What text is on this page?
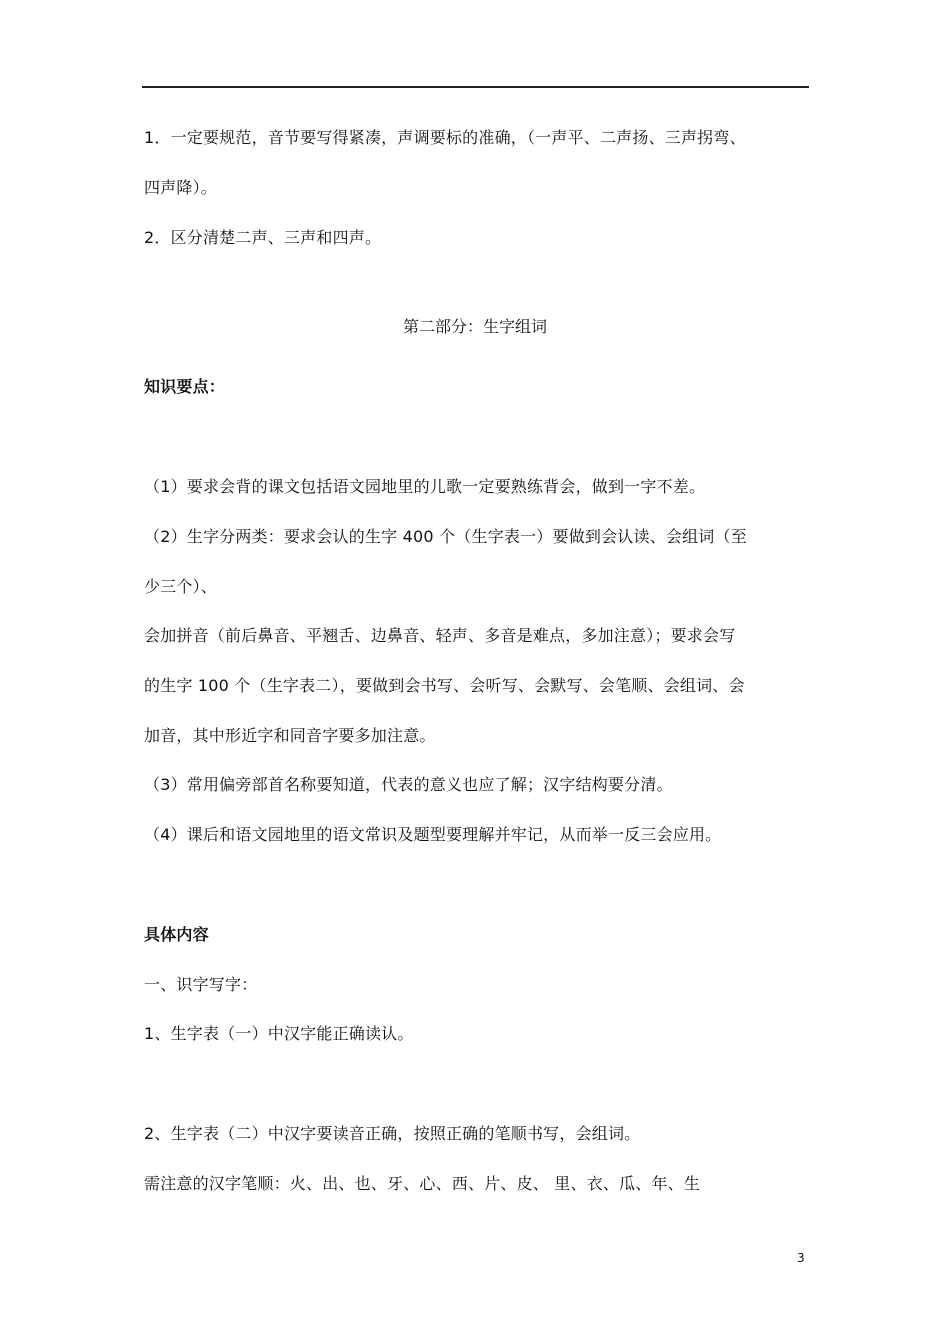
1．一定要规范，音节要写得紧凑，声调要标的准确，（一声平、二声扬、三声拐弯、
四声降）。
2．区分清楚二声、三声和四声。
第二部分：生字组词
知识要点：
（1）要求会背的课文包括语文园地里的儿歌一定要熟练背会，做到一字不差。
（2）生字分两类：要求会认的生字 400 个（生字表一）要做到会认读、会组词（至
少三个）、
会加拼音（前后鼻音、平翘舌、边鼻音、轻声、多音是难点，多加注意）；要求会写
的生字 100 个（生字表二），要做到会书写、会听写、会默写、会笔顺、会组词、会
加音，其中形近字和同音字要多加注意。
（3）常用偏旁部首名称要知道，代表的意义也应了解；汉字结构要分清。
（4）课后和语文园地里的语文常识及题型要理解并牢记，从而举一反三会应用。
具体内容
一、识字写字：
1、生字表（一）中汉字能正确读认。
2、生字表（二）中汉字要读音正确，按照正确的笔顺书写，会组词。
需注意的汉字笔顺：火、出、也、牙、心、西、片、皮、 里、衣、瓜、年、生
3
